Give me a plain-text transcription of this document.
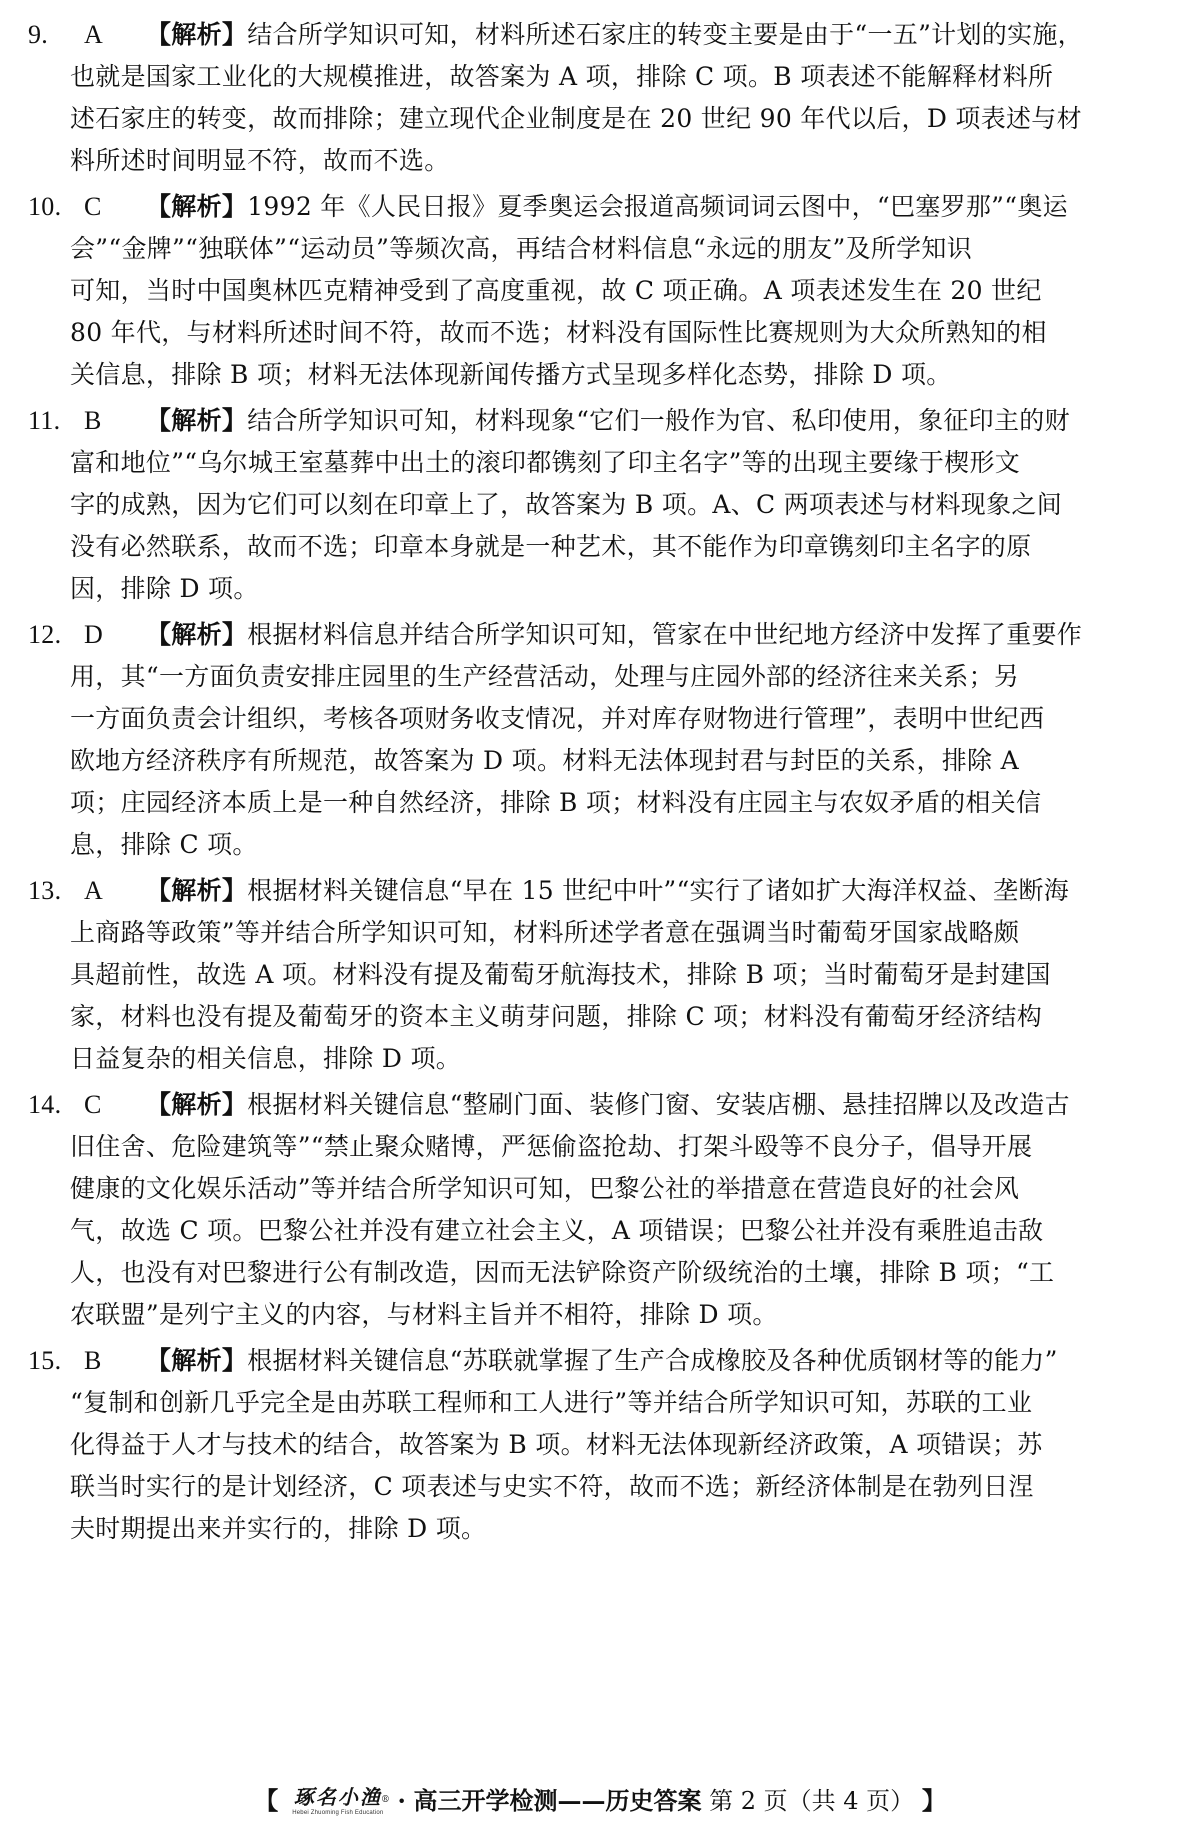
9. A 【解析】结合所学知识可知，材料所述石家庄的转变主要是由于“一五”计划的实施，
也就是国家工业化的大规模推进，故答案为 A 项，排除 C 项。B 项表述不能解释材料所
述石家庄的转变，故而排除；建立现代企业制度是在 20 世纪 90 年代以后，D 项表述与材
料所述时间明显不符，故而不选。
10. C 【解析】1992 年《人民日报》夏季奥运会报道高频词词云图中，“巴塞罗那”“奥运
会”“金牌”“独联体”“运动员”等频次高，再结合材料信息“永远的朋友”及所学知识
可知，当时中国奥林匹克精神受到了高度重视，故 C 项正确。A 项表述发生在 20 世纪
80 年代，与材料所述时间不符，故而不选；材料没有国际性比赛规则为大众所熟知的相
关信息，排除 B 项；材料无法体现新闻传播方式呈现多样化态势，排除 D 项。
11. B 【解析】结合所学知识可知，材料现象“它们一般作为官、私印使用，象征印主的财
富和地位”“乌尔城王室墓葬中出土的滚印都镌刻了印主名字”等的出现主要缘于楔形文
字的成熟，因为它们可以刻在印章上了，故答案为 B 项。A、C 两项表述与材料现象之间
没有必然联系，故而不选；印章本身就是一种艺术，其不能作为印章镌刻印主名字的原
因，排除 D 项。
12. D 【解析】根据材料信息并结合所学知识可知，管家在中世纪地方经济中发挥了重要作
用，其“一方面负责安排庄园里的生产经营活动，处理与庄园外部的经济往来关系；另
一方面负责会计组织，考核各项财务收支情况，并对库存财物进行管理”，表明中世纪西
欧地方经济秩序有所规范，故答案为 D 项。材料无法体现封君与封臣的关系，排除 A
项；庄园经济本质上是一种自然经济，排除 B 项；材料没有庄园主与农奴矛盾的相关信
息，排除 C 项。
13. A 【解析】根据材料关键信息“早在 15 世纪中叶”“实行了诸如扩大海洋权益、垄断海
上商路等政策”等并结合所学知识可知，材料所述学者意在强调当时葡萄牙国家战略颇
具超前性，故选 A 项。材料没有提及葡萄牙航海技术，排除 B 项；当时葡萄牙是封建国
家，材料也没有提及葡萄牙的资本主义萌芽问题，排除 C 项；材料没有葡萄牙经济结构
日益复杂的相关信息，排除 D 项。
14. C 【解析】根据材料关键信息“整刷门面、装修门窗、安装店棚、悬挂招牌以及改造古
旧住舍、危险建筑等”“禁止聚众赌博，严惩偷盗抢劫、打架斗殴等不良分子，倡导开展
健康的文化娱乐活动”等并结合所学知识可知，巴黎公社的举措意在营造良好的社会风
气，故选 C 项。巴黎公社并没有建立社会主义，A 项错误；巴黎公社并没有乘胜追击敌
人，也没有对巴黎进行公有制改造，因而无法铲除资产阶级统治的土壤，排除 B 项；“工
农联盟”是列宁主义的内容，与材料主旨并不相符，排除 D 项。
15. B 【解析】根据材料关键信息“苏联就掌握了生产合成橡胶及各种优质钢材等的能力”
“复制和创新几乎完全是由苏联工程师和工人进行”等并结合所学知识可知，苏联的工业
化得益于人才与技术的结合，故答案为 B 项。材料无法体现新经济政策，A 项错误；苏
联当时实行的是计划经济，C 项表述与史实不符，故而不选；新经济体制是在勃列日涅
夫时期提出来并实行的，排除 D 项。
【 琢名小渔
Hebei Zhuoming Fish Education
® · 高三开学检测——历史答案 第 2 页（共 4 页） 】
